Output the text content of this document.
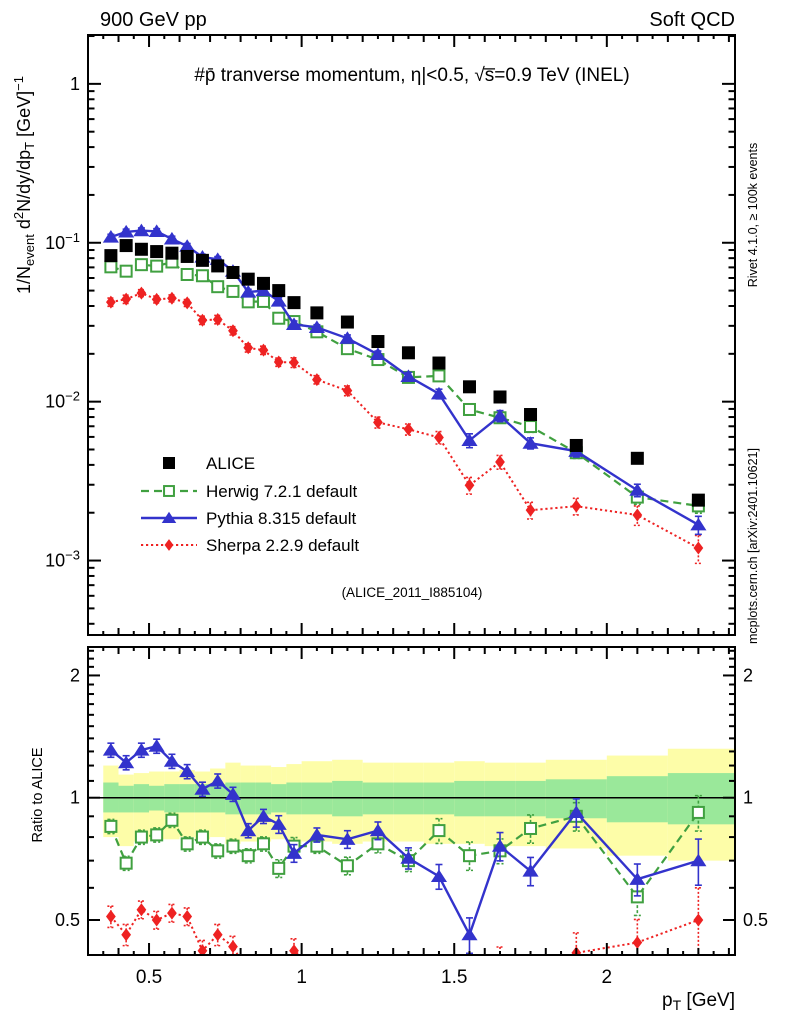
900 GeV pp	Soft QCD
#p̄ tranverse momentum, η|<0.5, √s̅=0.9 TeV (INEL)
(ALICE_2011_I885104)
Rivet 4.1.0, ≥ 100k events
mcplots.cern.ch [arXiv:2401.10621]
Ratio to ALICE
ALICE
Herwig 7.2.1 default
Pythia 8.315 default
Sherpa 2.2.9 default
0.5	1	1.5	2
1
$10^{-1}$
$10^{-2}$
$10^{-3}$
2	2
1	1
0.5	0.5
$1/N_{event}$ $d^2N/dy/dp_T$ [GeV]$^{-1}$
$p_T$ [GeV]
